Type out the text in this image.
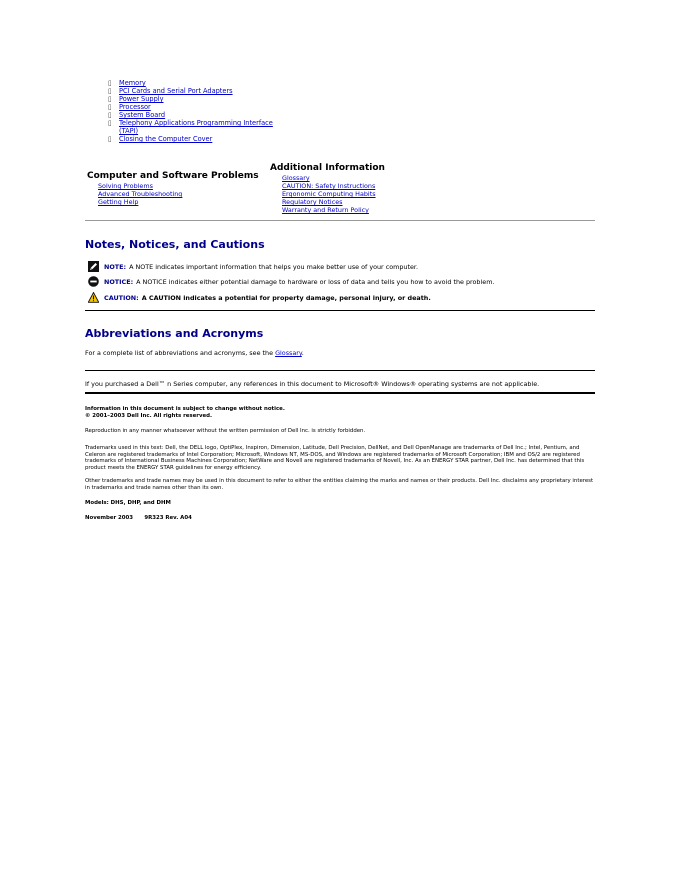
▯ Memory
▯ PCI Cards and Serial Port Adapters
▯ Power Supply
▯ Processor
▯ System Board
▯ Telephony Applications Programming Interface (TAPI)
▯ Closing the Computer Cover
Computer and Software Problems
Solving Problems
Advanced Troubleshooting
Getting Help
Additional Information
Glossary
CAUTION: Safety Instructions
Ergonomic Computing Habits
Regulatory Notices
Warranty and Return Policy
Notes, Notices, and Cautions
NOTE: A NOTE indicates important information that helps you make better use of your computer.
NOTICE: A NOTICE indicates either potential damage to hardware or loss of data and tells you how to avoid the problem.
CAUTION: A CAUTION indicates a potential for property damage, personal injury, or death.
Abbreviations and Acronyms
For a complete list of abbreviations and acronyms, see the Glossary.
If you purchased a Dell™ n Series computer, any references in this document to Microsoft® Windows® operating systems are not applicable.
Information in this document is subject to change without notice.
© 2001–2003 Dell Inc. All rights reserved.
Reproduction in any manner whatsoever without the written permission of Dell Inc. is strictly forbidden.
Trademarks used in this text: Dell, the DELL logo, OptiPlex, Inspiron, Dimension, Latitude, Dell Precision, DellNet, and Dell OpenManage are trademarks of Dell Inc.; Intel, Pentium, and Celeron are registered trademarks of Intel Corporation; Microsoft, Windows NT, MS-DOS, and Windows are registered trademarks of Microsoft Corporation; IBM and OS/2 are registered trademarks of International Business Machines Corporation; NetWare and Novell are registered trademarks of Novell, Inc. As an ENERGY STAR partner, Dell Inc. has determined that this product meets the ENERGY STAR guidelines for energy efficiency.
Other trademarks and trade names may be used in this document to refer to either the entities claiming the marks and names or their products. Dell Inc. disclaims any proprietary interest in trademarks and trade names other than its own.
Models: DHS, DHP, and DHM
November 2003 9R323 Rev. A04
